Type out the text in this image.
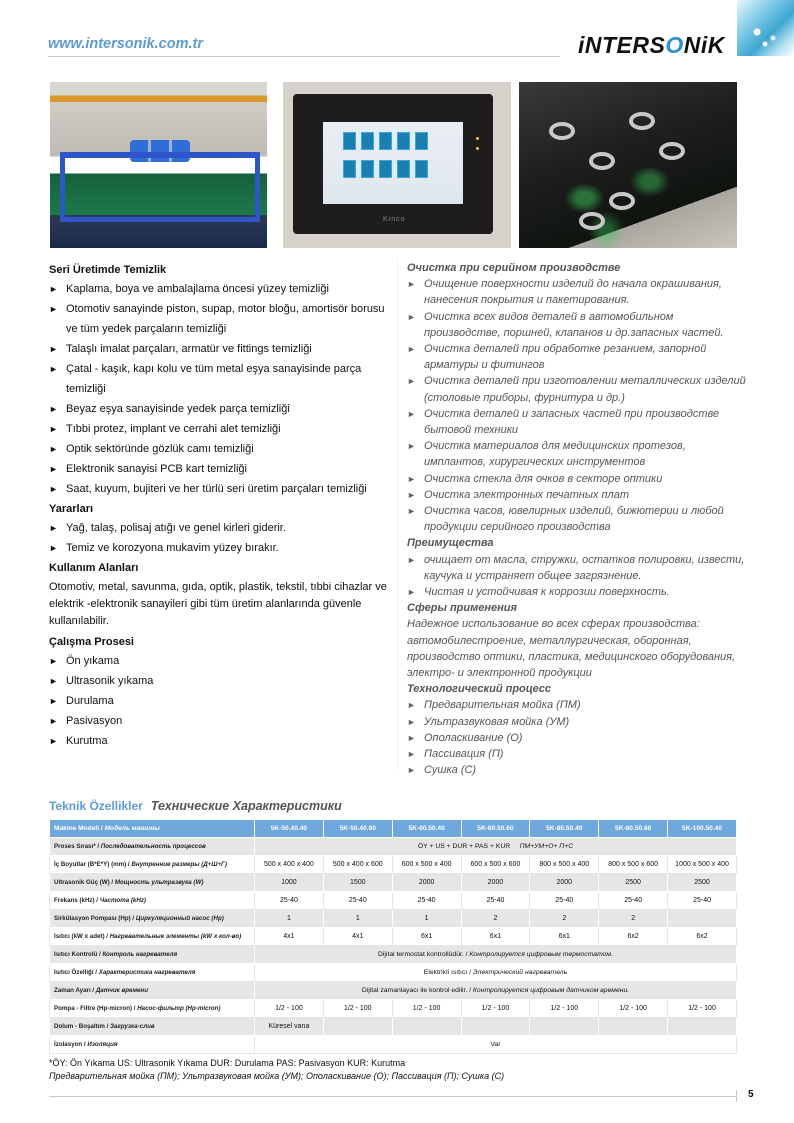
www.intersonik.com.tr	iNTERSONiK
Kinco
Seri Üretimde Temizlik
► Kaplama, boya ve ambalajlama öncesi yüzey temizliği
► Otomotiv sanayinde piston, supap, motor bloğu, amortisör borusu ve tüm yedek parçaların temizliği
► Talaşlı imalat parçaları, armatür ve fittings temizliği
► Çatal - kaşık, kapı kolu ve tüm metal eşya sanayisinde parça temizliği
► Beyaz eşya sanayisinde yedek parça temizliği
► Tıbbi protez, implant ve cerrahi alet temizliği
► Optik sektöründe gözlük camı temizliği
► Elektronik sanayisi PCB kart temizliği
► Saat, kuyum, bujiteri ve her türlü seri üretim parçaları temizliği
Yararları
► Yağ, talaş, polisaj atığı ve genel kirleri giderir.
► Temiz ve korozyona mukavim yüzey bırakır.
Kullanım Alanları

Otomotiv, metal, savunma, gıda, optik, plastik, tekstil, tıbbi cihazlar ve elektrik -elektronik sanayileri gibi tüm üretim alanlarında güvenle kullanılabilir.

Çalışma Prosesi
► Ön yıkama
► Ultrasonik yıkama
► Durulama
► Pasivasyon
► Kurutma
Очистка при серийном производстве
► Очищение поверхности изделий до начала окрашивания, нанесения покрытия и пакетирования.
► Очистка всех видов деталей в автомобильном производстве, поршней, клапанов и др.запасных частей.
► Очистка деталей при обработке резанием, запорной арматуры и фитингов
► Очистка деталей при изготовлении металлических изделий (столовые приборы, фурнитура и др.)
► Очистка деталей и запасных частей при производстве бытовой техники
► Очистка материалов для медицинских протезов, имплантов, хирургических инструментов
► Очистка стекла для очков в секторе оптики
► Очистка электронных печатных плат
► Очистка часов, ювелирных изделий, бижютерии и любой продукции серийного производства
Преимущества
► очищает от масла, стружки, остатков полировки, извести, каучука и устраняет общее загрязнение.
► Чистая и устойчивая к коррозии поверхность.
Сферы применения

Надежное использование во всех сферах производства: автомобилестроение, металлургическая, оборонная, производство оптики, пластика, медицинского оборудования, электро- и электронной продукции

Технологический процесс
► Предварительная мойка (ПМ)
► Ультразвуковая мойка (УМ)
► Ополаскивание (О)
► Пассивация (П)
► Сушка (С)
Teknik Özellikler Технические Характеристики
Makine Modeli / Модель машины	5K-50.40.40	5K-50.40.60	5K-60.50.40	5K-60.50.60	5K-80.50.40	5K-80.50.60	5K-100.50.40
Proses Sırası* / Последовательность процессов	ÖY + US + DUR + PAS + KUR ПМ+УМ+О+ П+С						
İç Boyutlar (B*E*Y) (mm) / Внутренние размеры (Д+Ш+Г)	500 x 400 x 400	500 x 400 x 600	600 x 500 x 400	600 x 500 x 600	800 x 500 x 400	800 x 500 x 600	1000 x 500 x 400
Ultrasonik Güç (W) / Мощность ультразвука (W)	1000	1500	2000	2000	2000	2500	2500
Frekans (kHz) / Частота (kHz)	25-40	25-40	25-40	25-40	25-40	25-40	25-40
Sirkülasyon Pompası (Hp) / Циркуляционный насос (Hp)	1	1	1	2	2	2	
Isıtıcı (kW x adet) / Нагревательные элементы (kW x кол-во)	4x1	4x1	6x1	6x1	6x1	6x2	6x2
Isıtıcı Kontrolü / Контроль нагревателя	Dijital termostat kontrollüdür. / Контролируется цифровым термостатом.						
Isıtıcı Özelliği / Характеристика нагревателя	Elektrikli ısıtıcı / Электрический нагреватель						
Zaman Ayarı / Датчик времени	Dijital zamanlayacı ile kontrol edilir. / Контролируется цифровым датчиком времени.						
Pompa - Filtre (Hp-micron) / Насос-фильтр (Hp-micron)	1/2 - 100	1/2 - 100	1/2 - 100	1/2 - 100	1/2 - 100	1/2 - 100	1/2 - 100
Dolum - Boşaltım / Загрузка-слив	Küresel vana						
İzolasyon / Изоляция	Var						
*ÖY: Ön Yıkama US: Ultrasonik Yıkama DUR: Durulama PAS: Pasivasyon KUR: Kurutma
Предварительная мойка (ПМ); Ультразвуковая мойка (УМ); Ополаскивание (О); Пассивация (П); Сушка (С)
5
